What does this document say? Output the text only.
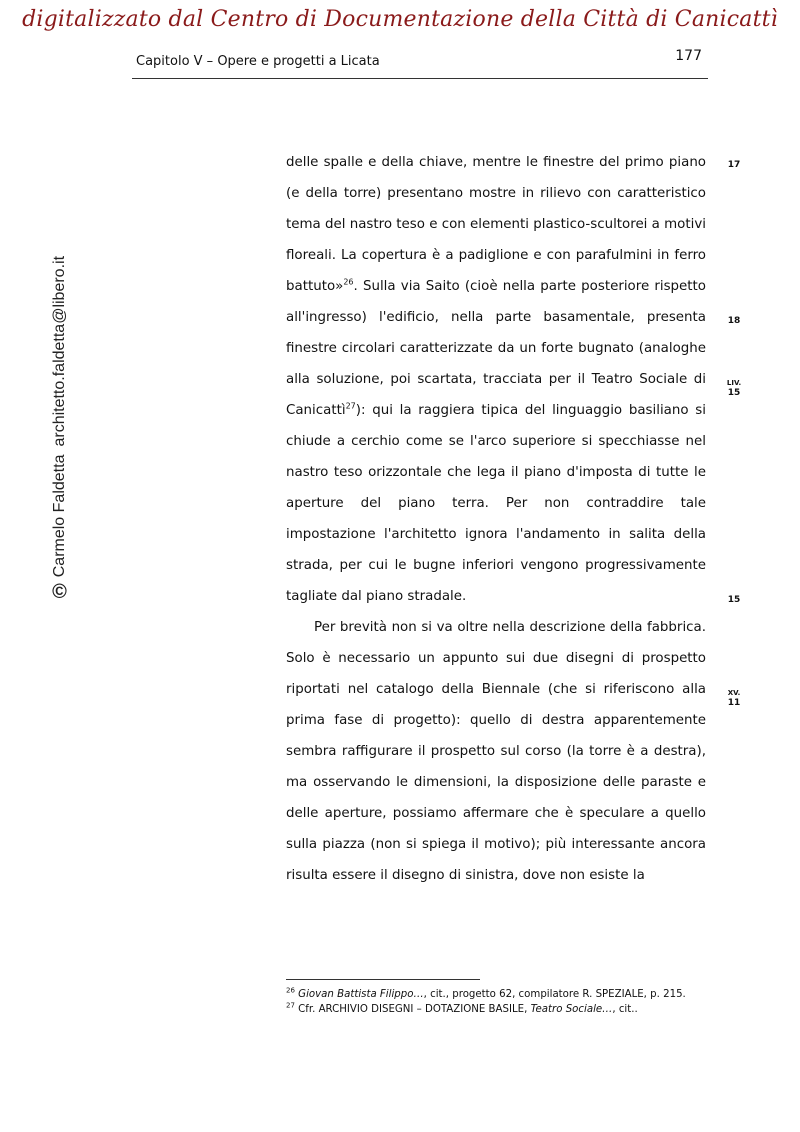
digitalizzato dal Centro di Documentazione della Città di Canicattì
Capitolo V – Opere e progetti a Licata	177
©
Carmelo Faldetta
architetto.faldetta@libero.it

delle spalle e della chiave, mentre le finestre del primo piano (e della torre) presentano mostre in rilievo con caratteristico tema del nastro teso e con elementi plastico-scultorei a motivi floreali. La copertura è a padiglione e con parafulmini in ferro battuto»$^{26}$. Sulla via Saito (cioè nella parte posteriore rispetto all'ingresso) l'edificio, nella parte basamentale, presenta finestre circolari caratterizzate da un forte bugnato (analoghe alla soluzione, poi scartata, tracciata per il Teatro Sociale di Canicattì$^{27}$): qui la raggiera tipica del linguaggio basiliano si chiude a cerchio come se l'arco superiore si specchiasse nel nastro teso orizzontale che lega il piano d'imposta di tutte le aperture del piano terra. Per non contraddire tale impostazione l'architetto ignora l'andamento in salita della strada, per cui le bugne inferiori vengono progressivamente tagliate dal piano stradale.

Per brevità non si va oltre nella descrizione della fabbrica. Solo è necessario un appunto sui due disegni di prospetto riportati nel catalogo della Biennale (che si riferiscono alla prima fase di progetto): quello di destra apparentemente sembra raffigurare il prospetto sul corso (la torre è a destra), ma osservando le dimensioni, la disposizione delle paraste e delle aperture, possiamo affermare che è speculare a quello sulla piazza (non si spiega il motivo); più interessante ancora risulta essere il disegno di sinistra, dove non esiste la

17
18
LIV.
15
15
XV.
11

$^{26}$ Giovan Battista Filippo…, cit., progetto 62, compilatore R. SPEZIALE, p. 215.

$^{27}$ Cfr. ARCHIVIO DISEGNI – DOTAZIONE BASILE, Teatro Sociale…, cit..
